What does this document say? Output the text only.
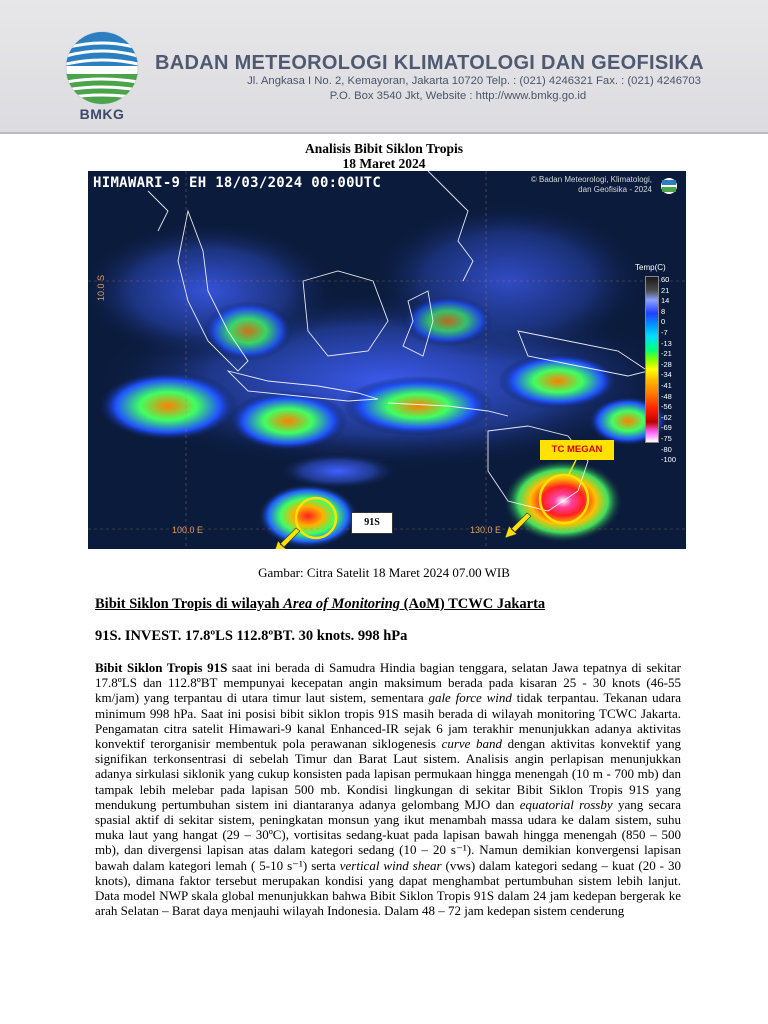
BMKG
BADAN METEOROLOGI KLIMATOLOGI DAN GEOFISIKA
Jl. Angkasa I No. 2, Kemayoran, Jakarta 10720 Telp. : (021) 4246321 Fax. : (021) 4246703
P.O. Box 3540 Jkt, Website : http://www.bmkg.go.id
Analisis Bibit Siklon Tropis
18 Maret 2024
HIMAWARI-9 EH 18/03/2024 00:00UTC	© Badan Meteorologi, Klimatologi,
dan Geofisika - 2024
Temp(C)
60
21
14
8
0
-7
-13
-21
-28
-34
-41
-48
-56
-62
-69
-75
-80
-100
10.0 S
100.0 E	130.0 E
TC MEGAN
91S
Gambar: Citra Satelit 18 Maret 2024 07.00 WIB
Bibit Siklon Tropis di wilayah Area of Monitoring (AoM) TCWC Jakarta
91S. INVEST. 17.8ºLS 112.8ºBT. 30 knots. 998 hPa

Bibit Siklon Tropis 91S saat ini berada di Samudra Hindia bagian tenggara, selatan Jawa tepatnya di sekitar 17.8ºLS dan 112.8ºBT mempunyai kecepatan angin maksimum berada pada kisaran 25 - 30 knots (46-55 km/jam) yang terpantau di utara timur laut sistem, sementara gale force wind tidak terpantau. Tekanan udara minimum 998 hPa. Saat ini posisi bibit siklon tropis 91S masih berada di wilayah monitoring TCWC Jakarta. Pengamatan citra satelit Himawari-9 kanal Enhanced-IR sejak 6 jam terakhir menunjukkan adanya aktivitas konvektif terorganisir membentuk pola perawanan siklogenesis curve band dengan aktivitas konvektif yang signifikan terkonsentrasi di sebelah Timur dan Barat Laut sistem. Analisis angin perlapisan menunjukkan adanya sirkulasi siklonik yang cukup konsisten pada lapisan permukaan hingga menengah (10 m - 700 mb) dan tampak lebih melebar pada lapisan 500 mb. Kondisi lingkungan di sekitar Bibit Siklon Tropis 91S yang mendukung pertumbuhan sistem ini diantaranya adanya gelombang MJO dan equatorial rossby yang secara spasial aktif di sekitar sistem, peningkatan monsun yang ikut menambah massa udara ke dalam sistem, suhu muka laut yang hangat (29 – 30ºC), vortisitas sedang-kuat pada lapisan bawah hingga menengah (850 – 500 mb), dan divergensi lapisan atas dalam kategori sedang (10 – 20 s⁻¹). Namun demikian konvergensi lapisan bawah dalam kategori lemah ( 5-10 s⁻¹) serta vertical wind shear (vws) dalam kategori sedang – kuat (20 - 30 knots), dimana faktor tersebut merupakan kondisi yang dapat menghambat pertumbuhan sistem lebih lanjut. Data model NWP skala global menunjukkan bahwa Bibit Siklon Tropis 91S dalam 24 jam kedepan bergerak ke arah Selatan – Barat daya menjauhi wilayah Indonesia. Dalam 48 – 72 jam kedepan sistem cenderung
